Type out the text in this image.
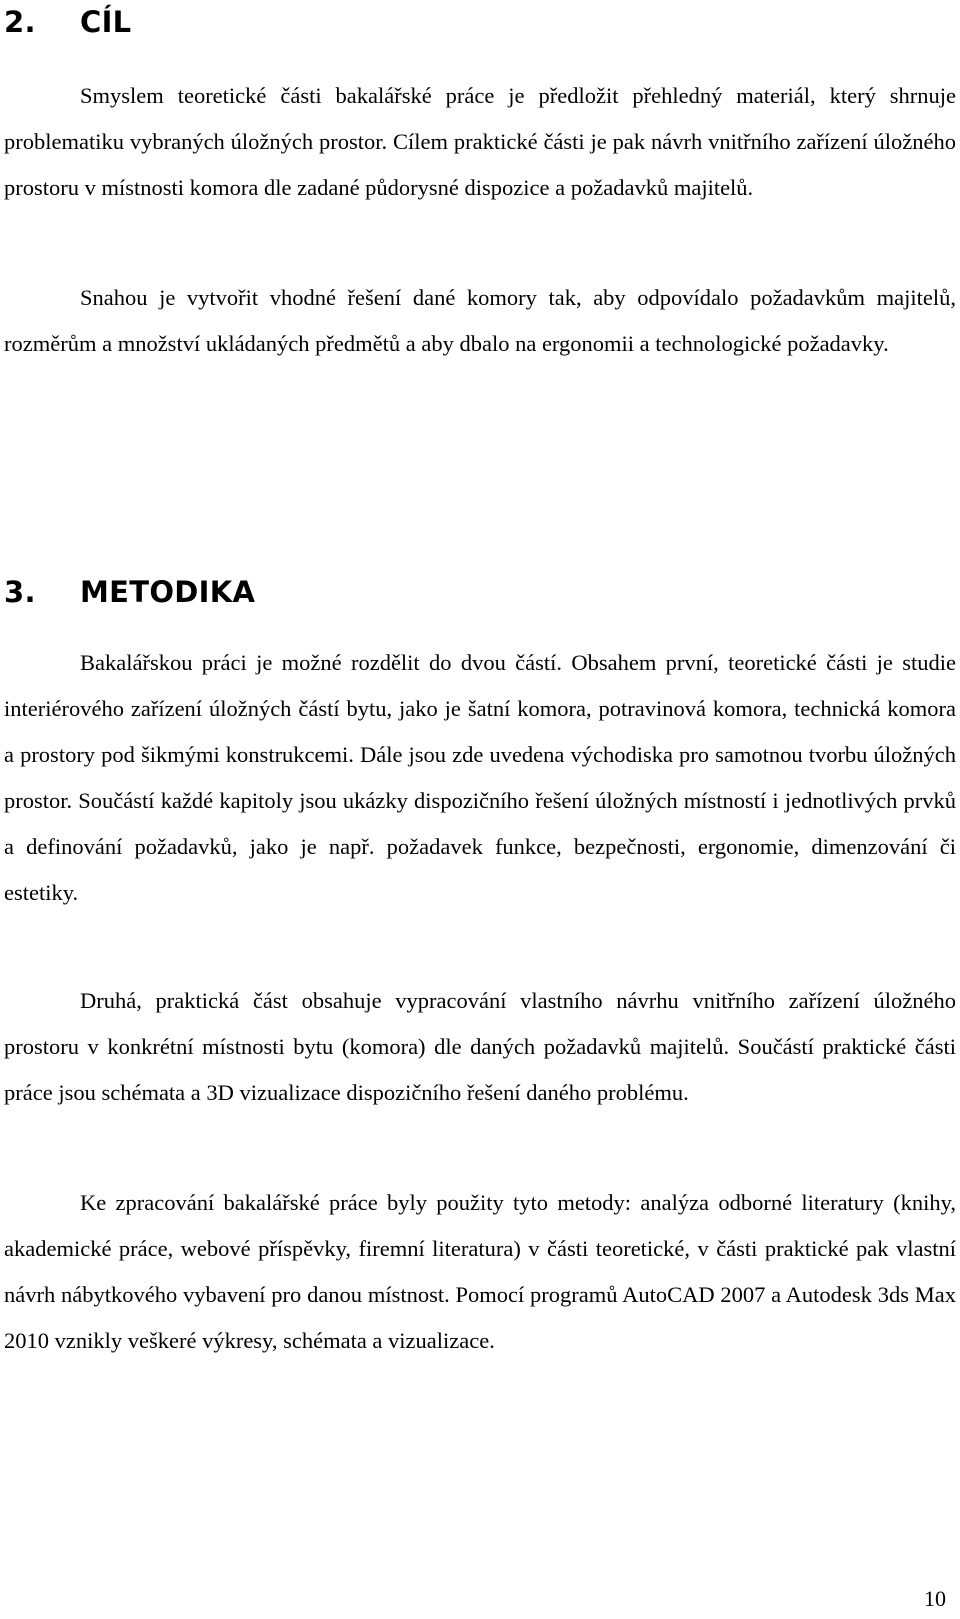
2. CÍL

Smyslem teoretické části bakalářské práce je předložit přehledný materiál, který shrnuje problematiku vybraných úložných prostor. Cílem praktické části je pak návrh vnitřního zařízení úložného prostoru v místnosti komora dle zadané půdorysné dispozice a požadavků majitelů.

Snahou je vytvořit vhodné řešení dané komory tak, aby odpovídalo požadavkům majitelů, rozměrům a množství ukládaných předmětů a aby dbalo na ergonomii a technologické požadavky.

3. METODIKA

Bakalářskou práci je možné rozdělit do dvou částí. Obsahem první, teoretické části je studie interiérového zařízení úložných částí bytu, jako je šatní komora, potravinová komora, technická komora a prostory pod šikmými konstrukcemi. Dále jsou zde uvedena východiska pro samotnou tvorbu úložných prostor. Součástí každé kapitoly jsou ukázky dispozičního řešení úložných místností i jednotlivých prvků a definování požadavků, jako je např. požadavek funkce, bezpečnosti, ergonomie, dimenzování či estetiky.

Druhá, praktická část obsahuje vypracování vlastního návrhu vnitřního zařízení úložného prostoru v konkrétní místnosti bytu (komora) dle daných požadavků majitelů. Součástí praktické části práce jsou schémata a 3D vizualizace dispozičního řešení daného problému.

Ke zpracování bakalářské práce byly použity tyto metody: analýza odborné literatury (knihy, akademické práce, webové příspěvky, firemní literatura) v části teoretické, v části praktické pak vlastní návrh nábytkového vybavení pro danou místnost. Pomocí programů AutoCAD 2007 a Autodesk 3ds Max 2010 vznikly veškeré výkresy, schémata a vizualizace.

10
